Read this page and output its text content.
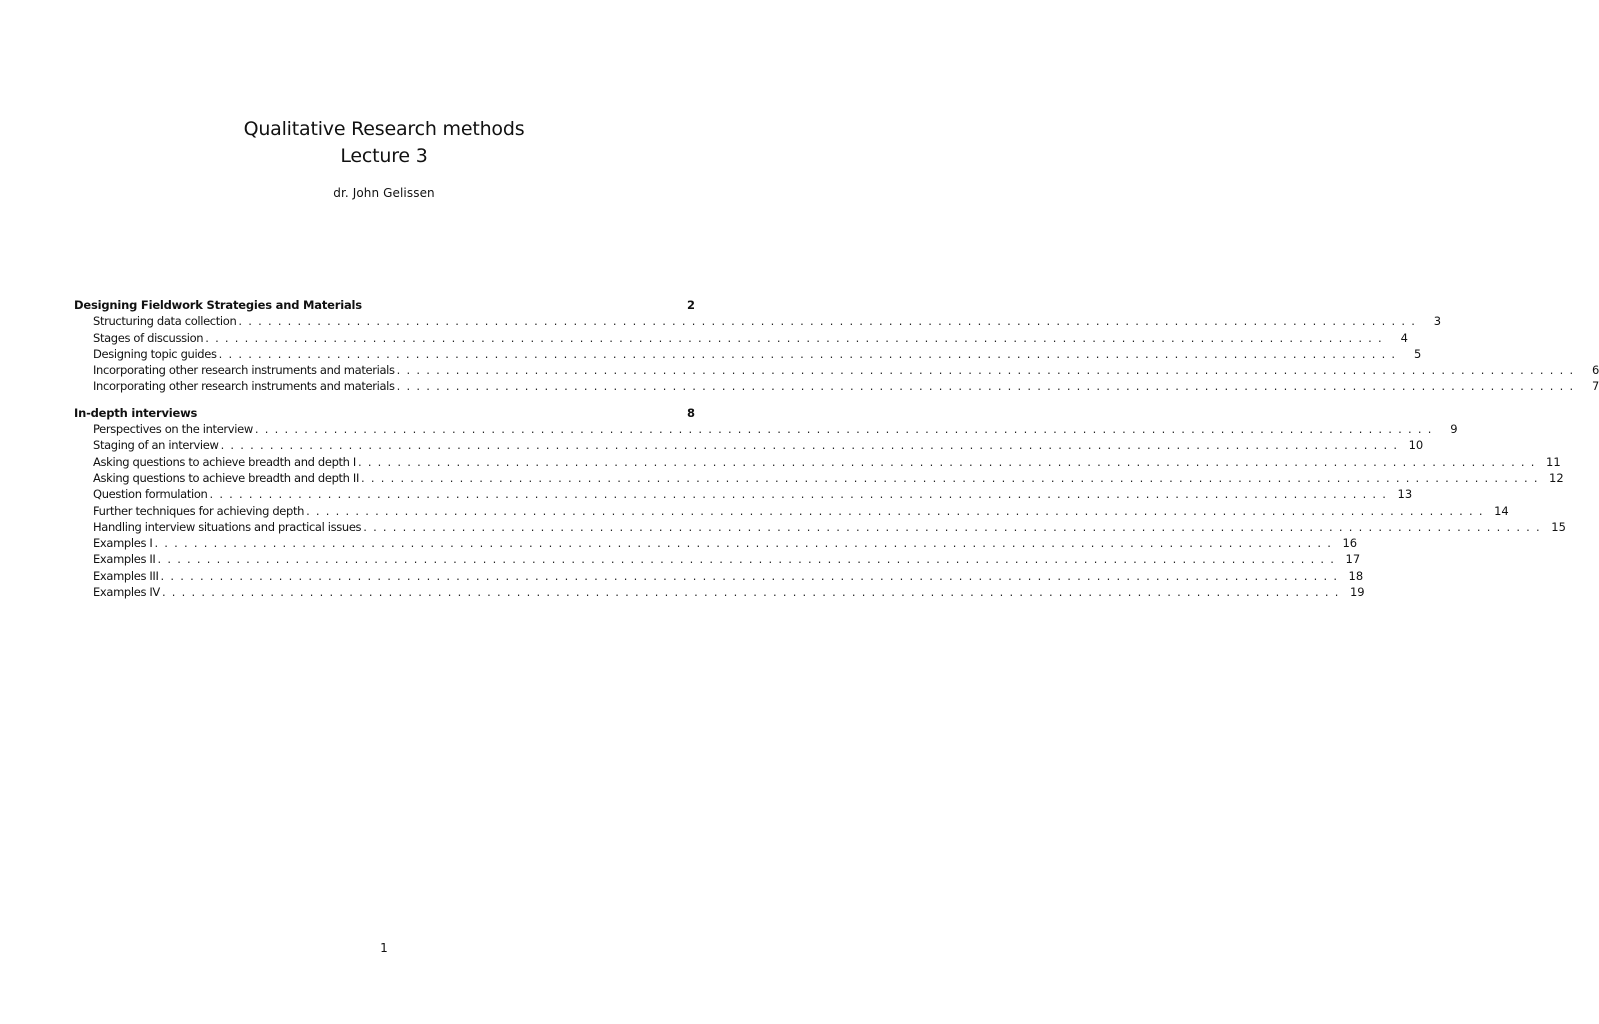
Qualitative Research methods
Lecture 3
dr. John Gelissen
Designing Fieldwork Strategies and Materials	2
Structuring data collection ........................................................................................................................	3
Stages of discussion ........................................................................................................................	4
Designing topic guides ........................................................................................................................	5
Incorporating other research instruments and materials ........................................................................................................................	6
Incorporating other research instruments and materials ........................................................................................................................	7
In-depth interviews	8
Perspectives on the interview ........................................................................................................................	9
Staging of an interview ........................................................................................................................ 10
Asking questions to achieve breadth and depth I ........................................................................................................................ 11
Asking questions to achieve breadth and depth II ........................................................................................................................ 12
Question formulation ........................................................................................................................ 13
Further techniques for achieving depth ........................................................................................................................ 14
Handling interview situations and practical issues ........................................................................................................................ 15
Examples I ........................................................................................................................ 16
Examples II ........................................................................................................................ 17
Examples III ........................................................................................................................ 18
Examples IV ........................................................................................................................ 19
1
